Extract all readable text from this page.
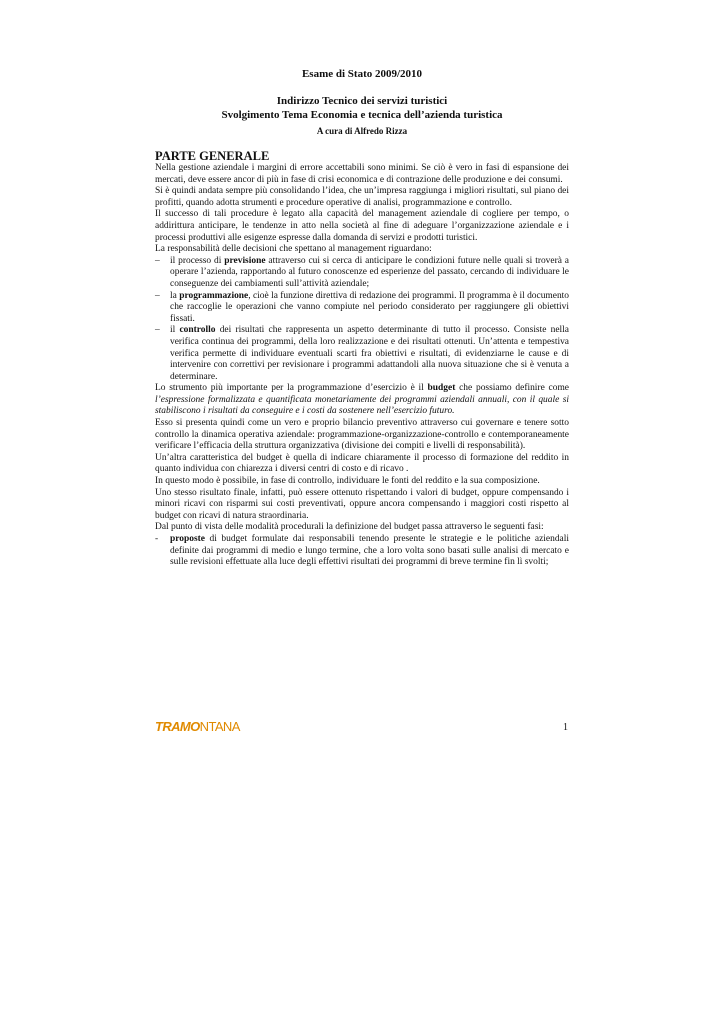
Esame di Stato 2009/2010
Indirizzo Tecnico dei servizi turistici
Svolgimento Tema Economia e tecnica dell’azienda turistica
A cura di Alfredo Rizza
PARTE GENERALE

Nella gestione aziendale i margini di errore accettabili sono minimi. Se ciò è vero in fasi di espansione dei mercati, deve essere ancor di più in fase di crisi economica e di contrazione delle produzione e dei consumi.

Si è quindi andata sempre più consolidando l’idea, che un’impresa raggiunga i migliori risultati, sul piano dei profitti, quando adotta strumenti e procedure operative di analisi, programmazione e controllo.

Il successo di tali procedure è legato alla capacità del management aziendale di cogliere per tempo, o addirittura anticipare, le tendenze in atto nella società al fine di adeguare l’organizzazione aziendale e i processi produttivi alle esigenze espresse dalla domanda di servizi e prodotti turistici.

La responsabilità delle decisioni che spettano al management riguardano:

– il processo di previsione attraverso cui si cerca di anticipare le condizioni future nelle quali si troverà a operare l’azienda, rapportando al futuro conoscenze ed esperienze del passato, cercando di individuare le conseguenze dei cambiamenti sull’attività aziendale;
– la programmazione, cioè la funzione direttiva di redazione dei programmi. Il programma è il documento che raccoglie le operazioni che vanno compiute nel periodo considerato per raggiungere gli obiettivi fissati.
– il controllo dei risultati che rappresenta un aspetto determinante di tutto il processo. Consiste nella verifica continua dei programmi, della loro realizzazione e dei risultati ottenuti. Un’attenta e tempestiva verifica permette di individuare eventuali scarti fra obiettivi e risultati, di evidenziarne le cause e di intervenire con correttivi per revisionare i programmi adattandoli alla nuova situazione che si è venuta a determinare.

Lo strumento più importante per la programmazione d’esercizio è il budget che possiamo definire come l’espressione formalizzata e quantificata monetariamente dei programmi aziendali annuali, con il quale si stabiliscono i risultati da conseguire e i costi da sostenere nell’esercizio futuro.

Esso si presenta quindi come un vero e proprio bilancio preventivo attraverso cui governare e tenere sotto controllo la dinamica operativa aziendale: programmazione-organizzazione-controllo e contemporaneamente verificare l’efficacia della struttura organizzativa (divisione dei compiti e livelli di responsabilità).

Un’altra caratteristica del budget è quella di indicare chiaramente il processo di formazione del reddito in quanto individua con chiarezza i diversi centri di costo e di ricavo .

In questo modo è possibile, in fase di controllo, individuare le fonti del reddito e la sua composizione.

Uno stesso risultato finale, infatti, può essere ottenuto rispettando i valori di budget, oppure compensando i minori ricavi con risparmi sui costi preventivati, oppure ancora compensando i maggiori costi rispetto al budget con ricavi di natura straordinaria.

Dal punto di vista delle modalità procedurali la definizione del budget passa attraverso le seguenti fasi:

- proposte di budget formulate dai responsabili tenendo presente le strategie e le politiche aziendali definite dai programmi di medio e lungo termine, che a loro volta sono basati sulle analisi di mercato e sulle revisioni effettuate alla luce degli effettivi risultati dei programmi di breve termine fin lì svolti;
TRAMONTANA	1
